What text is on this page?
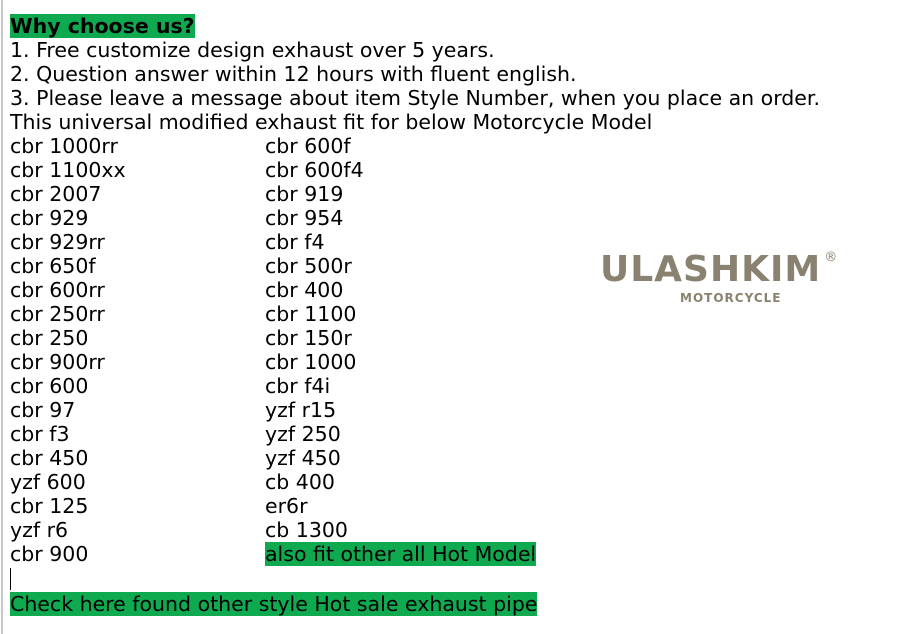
Why choose us?
1. Free customize design exhaust over 5 years.
2. Question answer within 12 hours with fluent english.
3. Please leave a message about item Style Number, when you place an order.
This universal modified exhaust fit for below Motorcycle Model
cbr 1000rr	cbr 600f
cbr 1100xx	cbr 600f4
cbr 2007	cbr 919
cbr 929	cbr 954
cbr 929rr	cbr f4
cbr 650f	cbr 500r
cbr 600rr	cbr 400
cbr 250rr	cbr 1100
cbr 250	cbr 150r
cbr 900rr	cbr 1000
cbr 600	cbr f4i
cbr 97	yzf r15
cbr f3	yzf 250
cbr 450	yzf 450
yzf 600	cb 400
cbr 125	er6r
yzf r6	cb 1300
cbr 900	also fit other all Hot Model
Check here found other style Hot sale exhaust pipe
ULASHKIM ®
MOTORCYCLE
